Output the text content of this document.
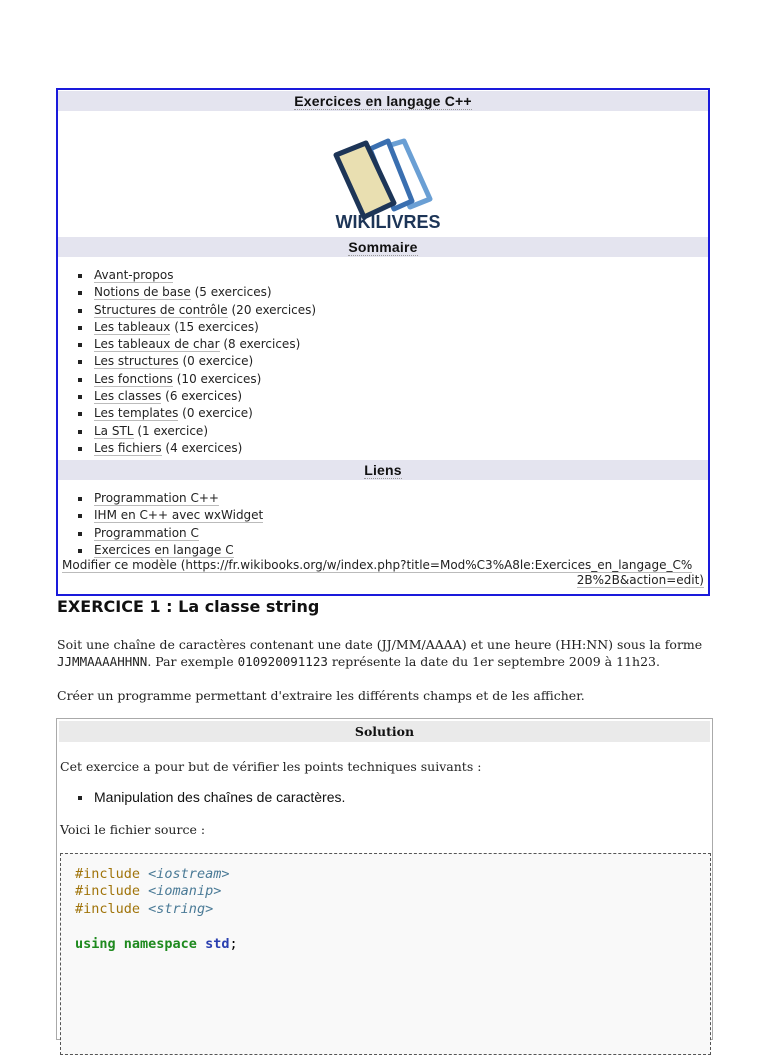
Exercices en langage C++
WIKILIVRES
Sommaire
Avant-propos
Notions de base (5 exercices)
Structures de contrôle (20 exercices)
Les tableaux (15 exercices)
Les tableaux de char (8 exercices)
Les structures (0 exercice)
Les fonctions (10 exercices)
Les classes (6 exercices)
Les templates (0 exercice)
La STL (1 exercice)
Les fichiers (4 exercices)
Liens
Programmation C++
IHM en C++ avec wxWidget
Programmation C
Exercices en langage C
Modifier ce modèle (https://fr.wikibooks.org/w/index.php?title=Mod%C3%A8le:Exercices_en_langage_C%
2B%2B&action=edit)
EXERCICE 1 : La classe string

Soit une chaîne de caractères contenant une date (JJ/MM/AAAA) et une heure (HH:NN) sous la forme
JJMMAAAAHHNN. Par exemple 010920091123 représente la date du 1er septembre 2009 à 11h23.

Créer un programme permettant d'extraire les différents champs et de les afficher.

Solution

Cet exercice a pour but de vérifier les points techniques suivants :

Manipulation des chaînes de caractères.

Voici le fichier source :

#include <iostream>
#include <iomanip>
#include <string>

using namespace std;
